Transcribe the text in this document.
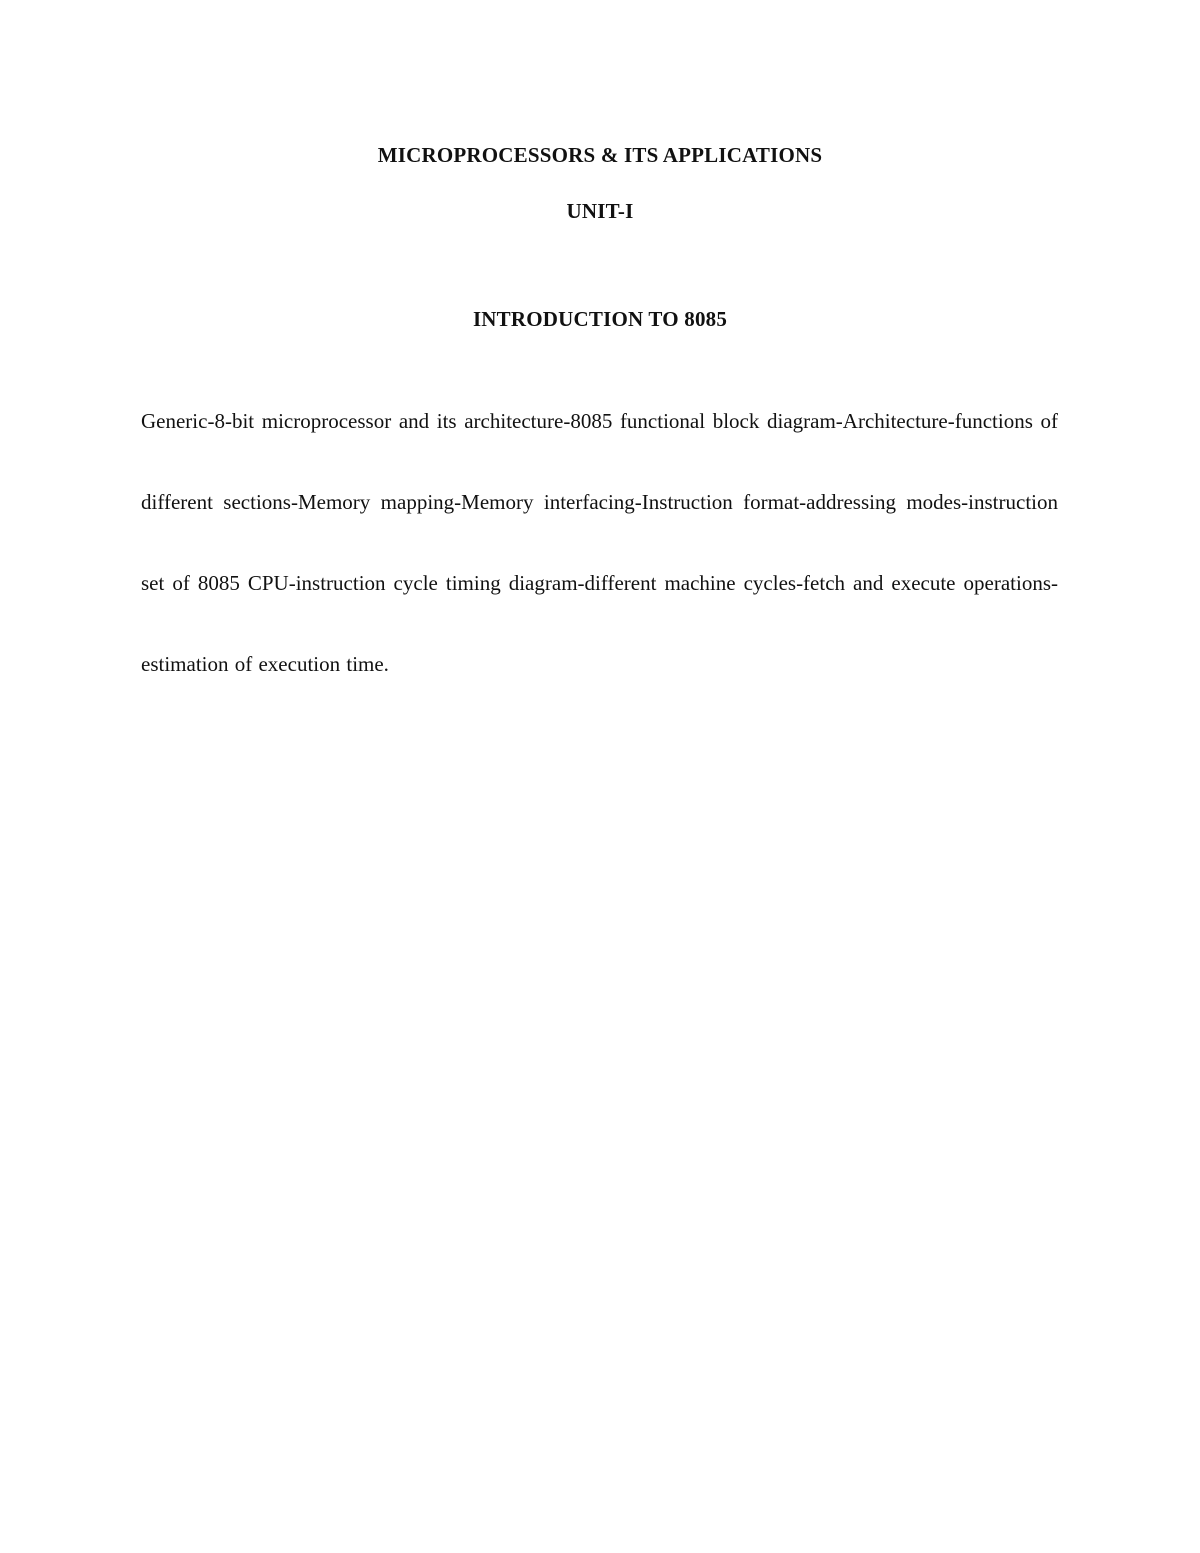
MICROPROCESSORS & ITS APPLICATIONS
UNIT-I
INTRODUCTION TO 8085

Generic-8-bit microprocessor and its architecture-8085 functional block diagram-Architecture-functions of different sections-Memory mapping-Memory interfacing-Instruction format-addressing modes-instruction set of 8085 CPU-instruction cycle timing diagram-different machine cycles-fetch and execute operations-estimation of execution time.
